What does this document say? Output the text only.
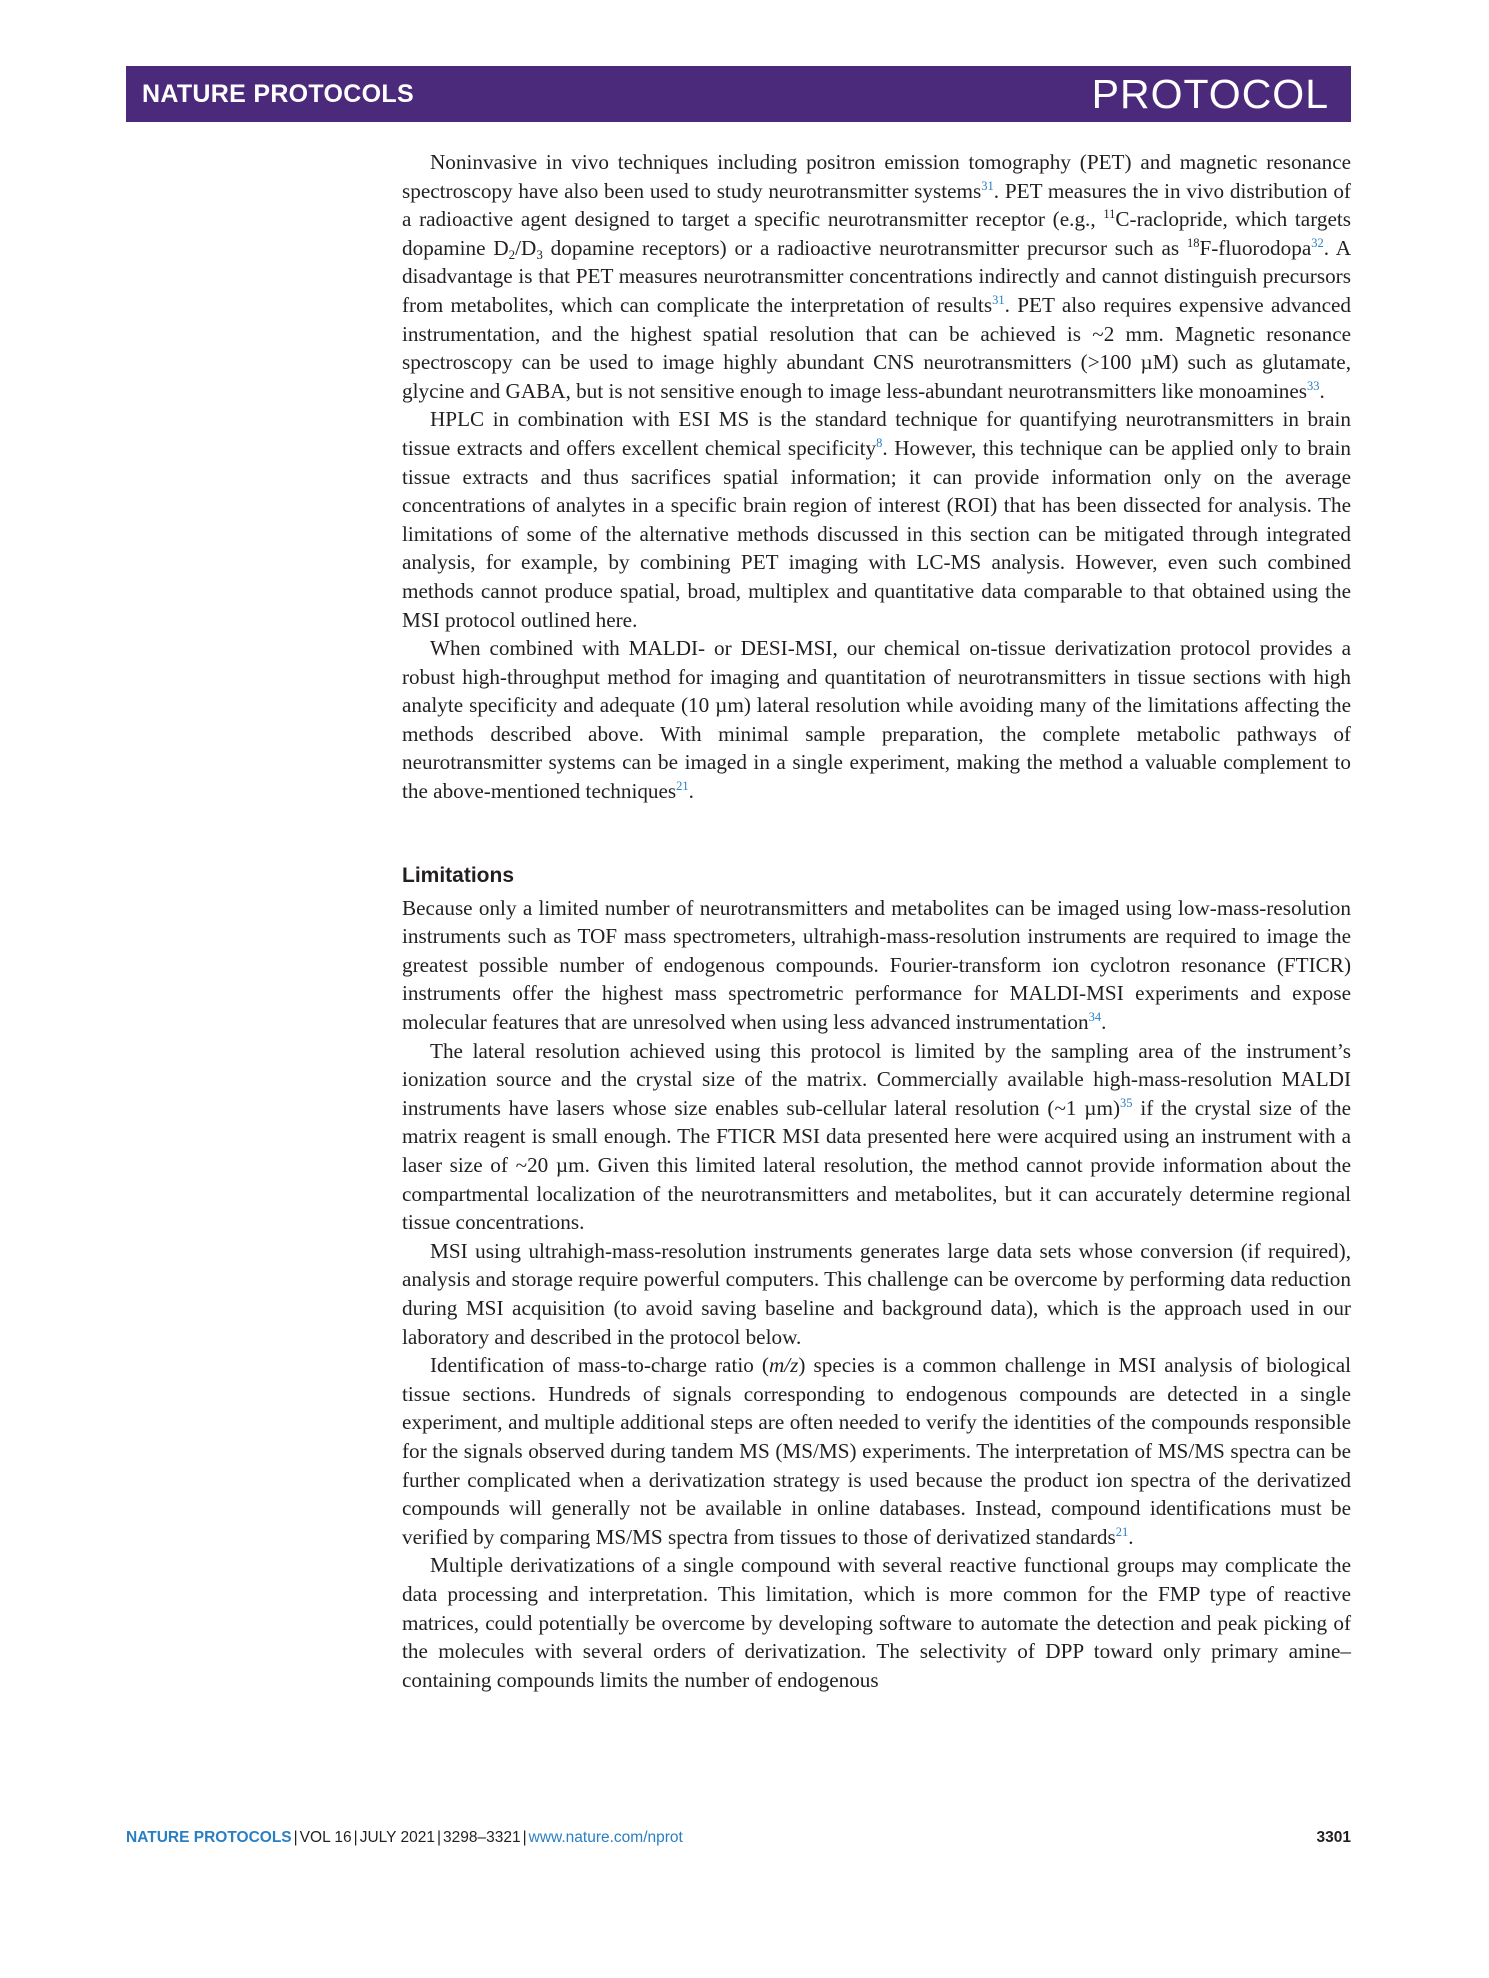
NATURE PROTOCOLS	PROTOCOL

Noninvasive in vivo techniques including positron emission tomography (PET) and magnetic resonance spectroscopy have also been used to study neurotransmitter systems$^{31}$. PET measures the in vivo distribution of a radioactive agent designed to target a specific neurotransmitter receptor (e.g., $^{11}$C-raclopride, which targets dopamine $D_2/D_3$ dopamine receptors) or a radioactive neurotransmitter precursor such as $^{18}$F-fluorodopa$^{32}$. A disadvantage is that PET measures neurotransmitter concentrations indirectly and cannot distinguish precursors from metabolites, which can complicate the interpretation of results$^{31}$. PET also requires expensive advanced instrumentation, and the highest spatial resolution that can be achieved is ~2 mm. Magnetic resonance spectroscopy can be used to image highly abundant CNS neurotransmitters (>100 µM) such as glutamate, glycine and GABA, but is not sensitive enough to image less-abundant neurotransmitters like monoamines$^{33}$.

HPLC in combination with ESI MS is the standard technique for quantifying neurotransmitters in brain tissue extracts and offers excellent chemical specificity$^8$. However, this technique can be applied only to brain tissue extracts and thus sacrifices spatial information; it can provide information only on the average concentrations of analytes in a specific brain region of interest (ROI) that has been dissected for analysis. The limitations of some of the alternative methods discussed in this section can be mitigated through integrated analysis, for example, by combining PET imaging with LC-MS analysis. However, even such combined methods cannot produce spatial, broad, multiplex and quantitative data comparable to that obtained using the MSI protocol outlined here.

When combined with MALDI- or DESI-MSI, our chemical on-tissue derivatization protocol provides a robust high-throughput method for imaging and quantitation of neurotransmitters in tissue sections with high analyte specificity and adequate (10 µm) lateral resolution while avoiding many of the limitations affecting the methods described above. With minimal sample preparation, the complete metabolic pathways of neurotransmitter systems can be imaged in a single experiment, making the method a valuable complement to the above-mentioned techniques$^{21}$.

Limitations

Because only a limited number of neurotransmitters and metabolites can be imaged using low-mass-resolution instruments such as TOF mass spectrometers, ultrahigh-mass-resolution instruments are required to image the greatest possible number of endogenous compounds. Fourier-transform ion cyclotron resonance (FTICR) instruments offer the highest mass spectrometric performance for MALDI-MSI experiments and expose molecular features that are unresolved when using less advanced instrumentation$^{34}$.

The lateral resolution achieved using this protocol is limited by the sampling area of the instrument’s ionization source and the crystal size of the matrix. Commercially available high-mass-resolution MALDI instruments have lasers whose size enables sub-cellular lateral resolution (~1 µm)$^{35}$ if the crystal size of the matrix reagent is small enough. The FTICR MSI data presented here were acquired using an instrument with a laser size of ~20 µm. Given this limited lateral resolution, the method cannot provide information about the compartmental localization of the neurotransmitters and metabolites, but it can accurately determine regional tissue concentrations.

MSI using ultrahigh-mass-resolution instruments generates large data sets whose conversion (if required), analysis and storage require powerful computers. This challenge can be overcome by performing data reduction during MSI acquisition (to avoid saving baseline and background data), which is the approach used in our laboratory and described in the protocol below.

Identification of mass-to-charge ratio (m/z) species is a common challenge in MSI analysis of biological tissue sections. Hundreds of signals corresponding to endogenous compounds are detected in a single experiment, and multiple additional steps are often needed to verify the identities of the compounds responsible for the signals observed during tandem MS (MS/MS) experiments. The interpretation of MS/MS spectra can be further complicated when a derivatization strategy is used because the product ion spectra of the derivatized compounds will generally not be available in online databases. Instead, compound identifications must be verified by comparing MS/MS spectra from tissues to those of derivatized standards$^{21}$.

Multiple derivatizations of a single compound with several reactive functional groups may complicate the data processing and interpretation. This limitation, which is more common for the FMP type of reactive matrices, could potentially be overcome by developing software to automate the detection and peak picking of the molecules with several orders of derivatization. The selectivity of DPP toward only primary amine–containing compounds limits the number of endogenous

NATURE PROTOCOLS | VOL 16 | JULY 2021 | 3298–3321 | www.nature.com/nprot	3301
